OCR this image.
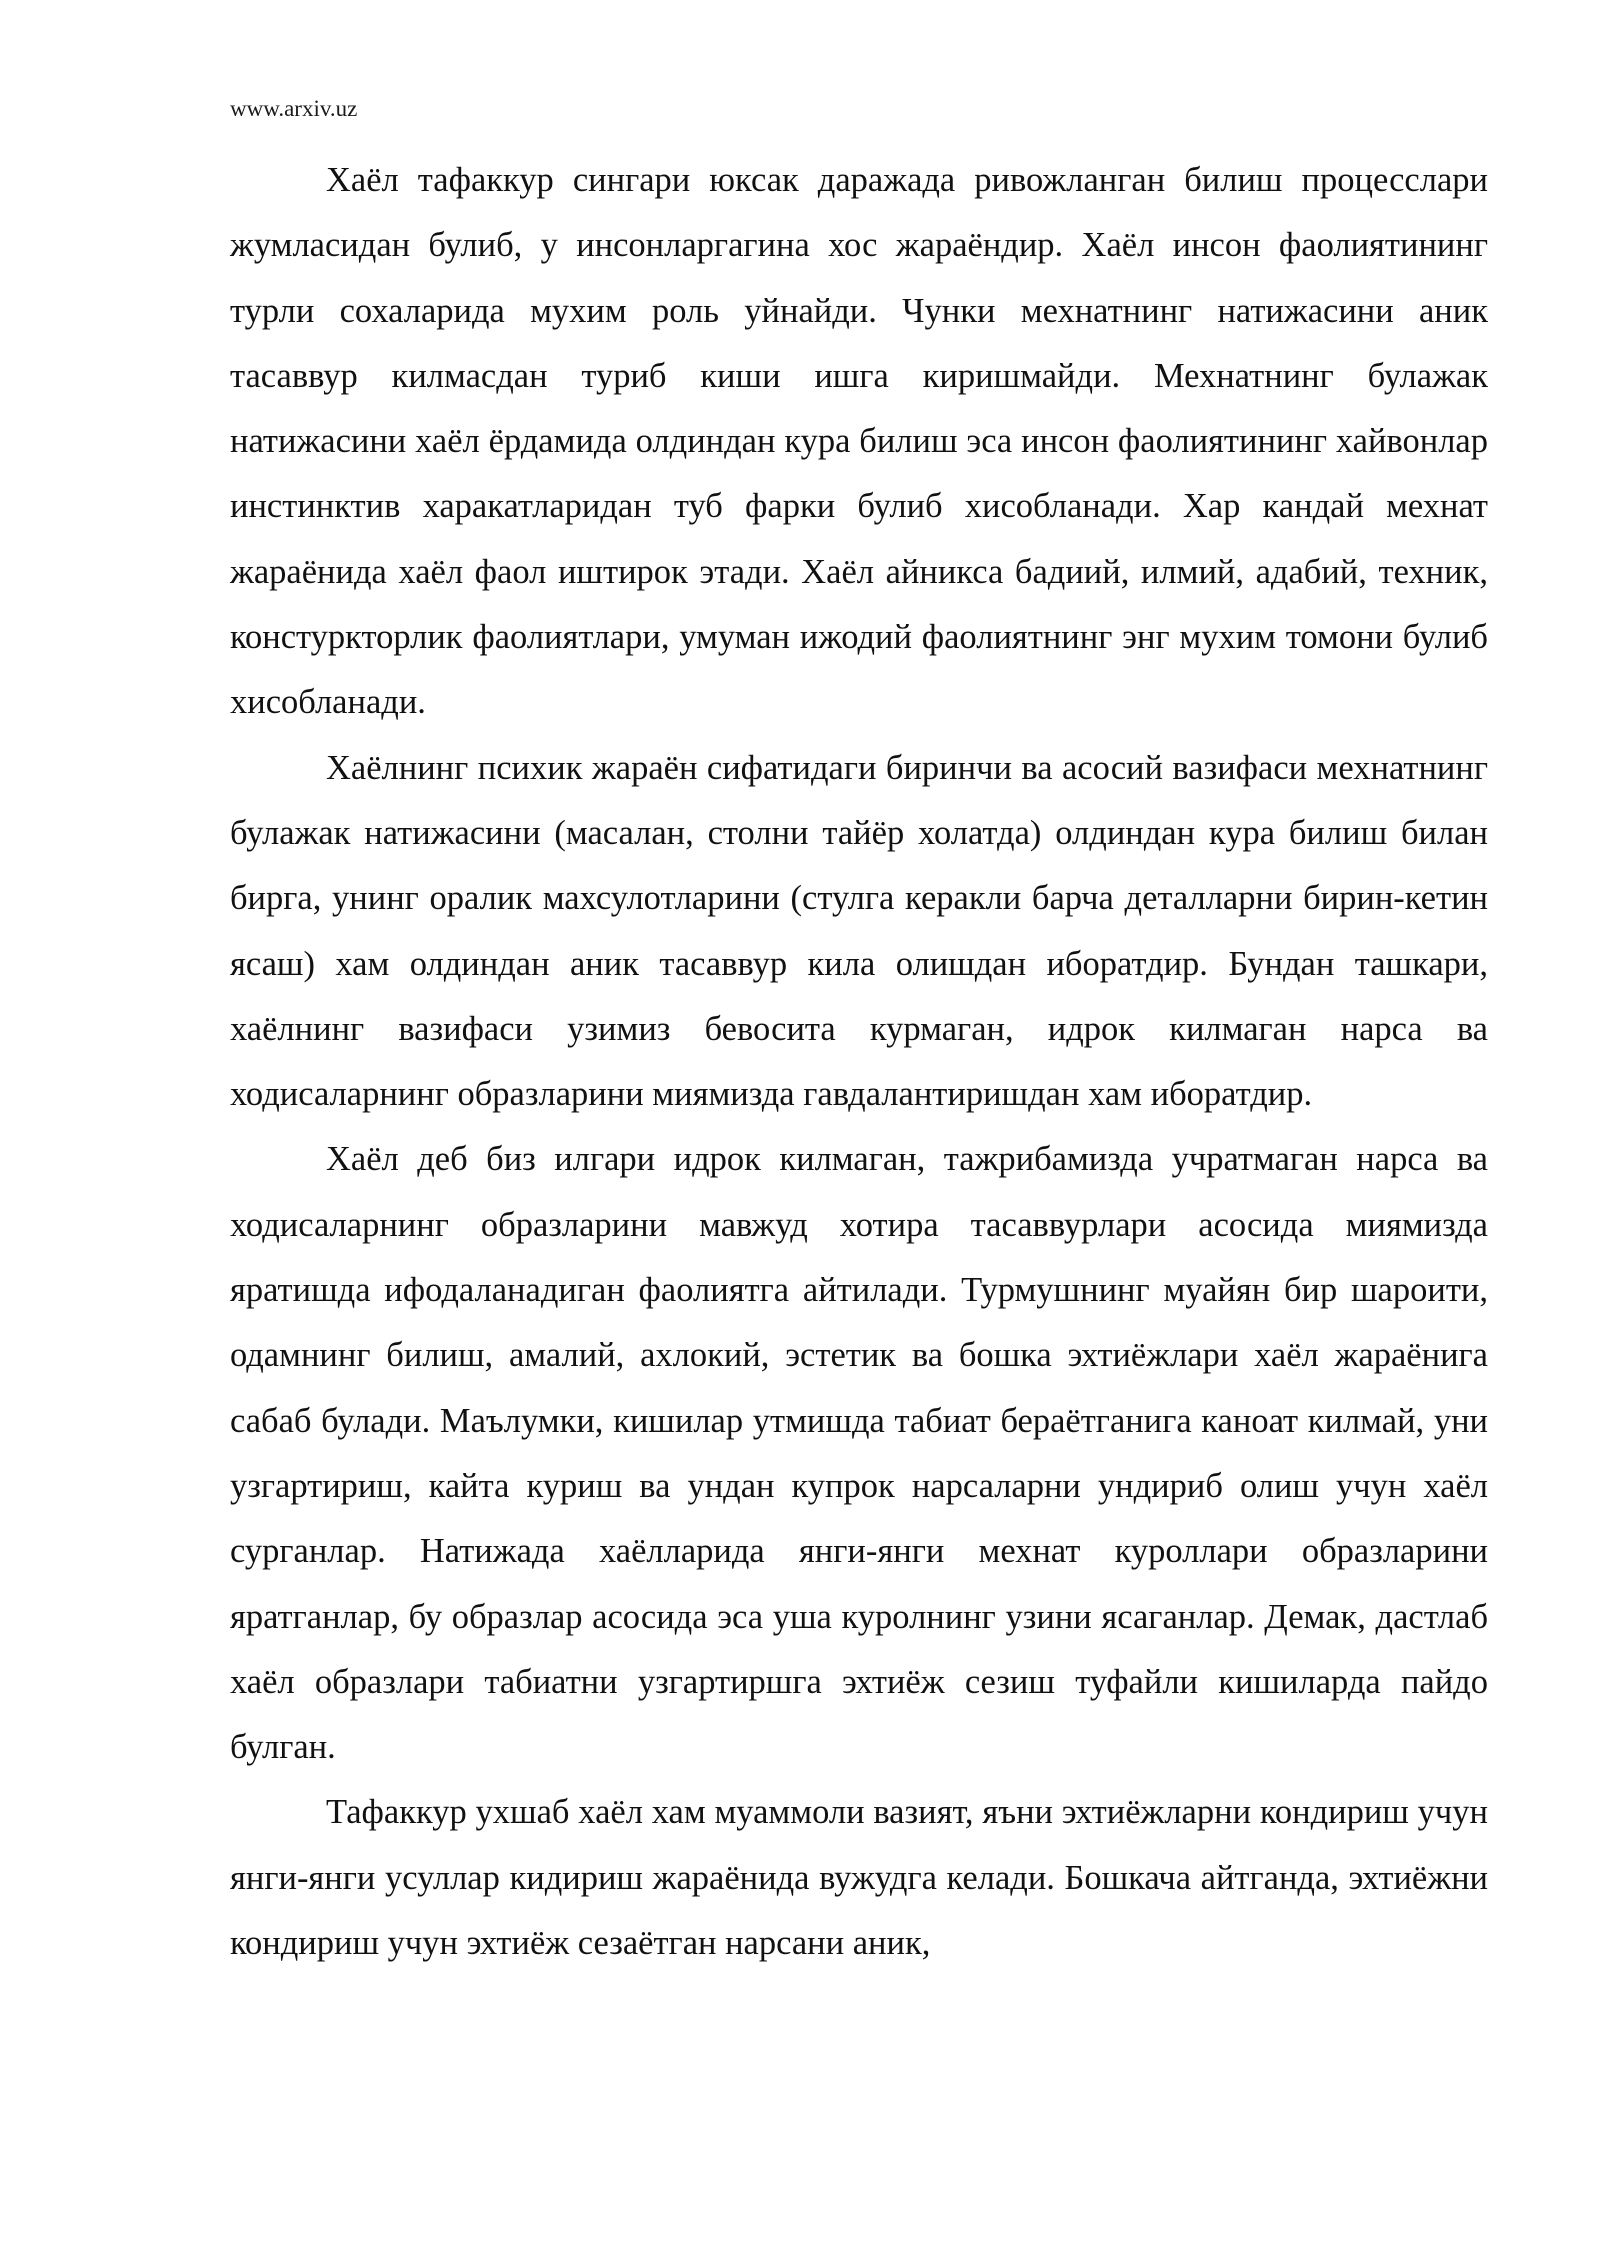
www.arxiv.uz

Хаёл тафаккур сингари юксак даражада ривожланган билиш процесслари жумласидан булиб, у инсонларгагина хос жараёндир. Хаёл инсон фаолиятининг турли сохаларида мухим роль уйнайди. Чунки мехнатнинг натижасини аник тасаввур килмасдан туриб киши ишга киришмайди. Мехнатнинг булажак натижасини хаёл ёрдамида олдиндан кура билиш эса инсон фаолиятининг хайвонлар инстинктив харакатларидан туб фарки булиб хисобланади. Хар кандай мехнат жараёнида хаёл фаол иштирок этади. Хаёл айникса бадиий, илмий, адабий, техник, констуркторлик фаолиятлари, умуман ижодий фаолиятнинг энг мухим томони булиб хисобланади.

Хаёлнинг психик жараён сифатидаги биринчи ва асосий вазифаси мехнатнинг булажак натижасини (масалан, столни тайёр холатда) олдиндан кура билиш билан бирга, унинг оралик махсулотларини (стулга керакли барча деталларни бирин-кетин ясаш) хам олдиндан аник тасаввур кила олишдан иборатдир. Бундан ташкари, хаёлнинг вазифаси узимиз бевосита курмаган, идрок килмаган нарса ва ходисаларнинг образларини миямизда гавдалантиришдан хам иборатдир.

Хаёл деб биз илгари идрок килмаган, тажрибамизда учратмаган нарса ва ходисаларнинг образларини мавжуд хотира тасаввурлари асосида миямизда яратишда ифодаланадиган фаолиятга айтилади. Турмушнинг муайян бир шароити, одамнинг билиш, амалий, ахлокий, эстетик ва бошка эхтиёжлари хаёл жараёнига сабаб булади. Маълумки, кишилар утмишда табиат бераётганига каноат килмай, уни узгартириш, кайта куриш ва ундан купрок нарсаларни ундириб олиш учун хаёл сурганлар. Натижада хаёлларида янги-янги мехнат куроллари образларини яратганлар, бу образлар асосида эса уша куролнинг узини ясаганлар. Демак, дастлаб хаёл образлари табиатни узгартиршга эхтиёж сезиш туфайли кишиларда пайдо булган.

Тафаккур ухшаб хаёл хам муаммоли вазият, яъни эхтиёжларни кондириш учун янги-янги усуллар кидириш жараёнида вужудга келади. Бошкача айтганда, эхтиёжни кондириш учун эхтиёж сезаётган нарсани аник,
